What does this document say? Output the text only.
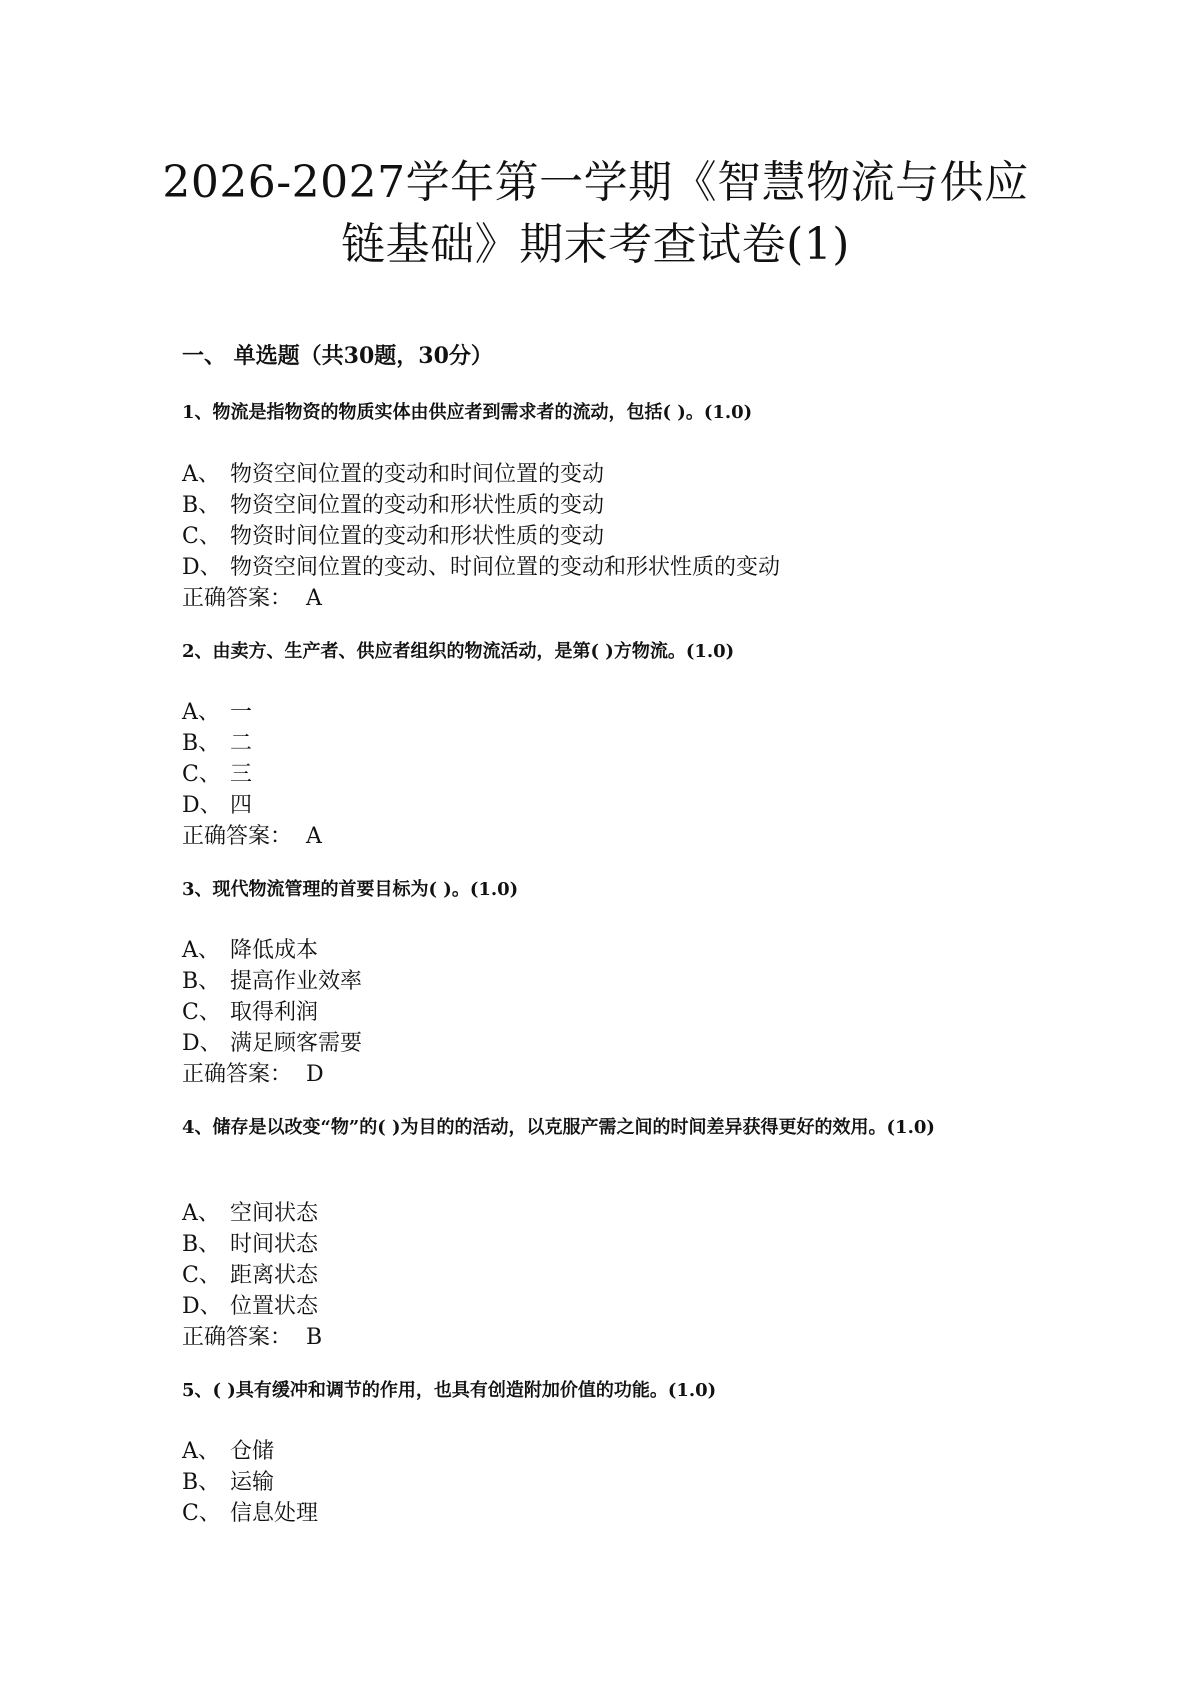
2026-2027学年第一学期《智慧物流与供应
链基础》期末考查试卷(1)
一、 单选题（共30题，30分）
1、物流是指物资的物质实体由供应者到需求者的流动，包括( )。(1.0)
A、 物资空间位置的变动和时间位置的变动
B、 物资空间位置的变动和形状性质的变动
C、 物资时间位置的变动和形状性质的变动
D、 物资空间位置的变动、时间位置的变动和形状性质的变动
正确答案： A
2、由卖方、生产者、供应者组织的物流活动，是第( )方物流。(1.0)
A、 一
B、 二
C、 三
D、 四
正确答案： A
3、现代物流管理的首要目标为( )。(1.0)
A、 降低成本
B、 提高作业效率
C、 取得利润
D、 满足顾客需要
正确答案： D
4、储存是以改变“物”的( )为目的的活动，以克服产需之间的时间差异获得更好的效用。(1.0)
A、 空间状态
B、 时间状态
C、 距离状态
D、 位置状态
正确答案： B
5、( )具有缓冲和调节的作用，也具有创造附加价值的功能。(1.0)
A、 仓储
B、 运输
C、 信息处理
